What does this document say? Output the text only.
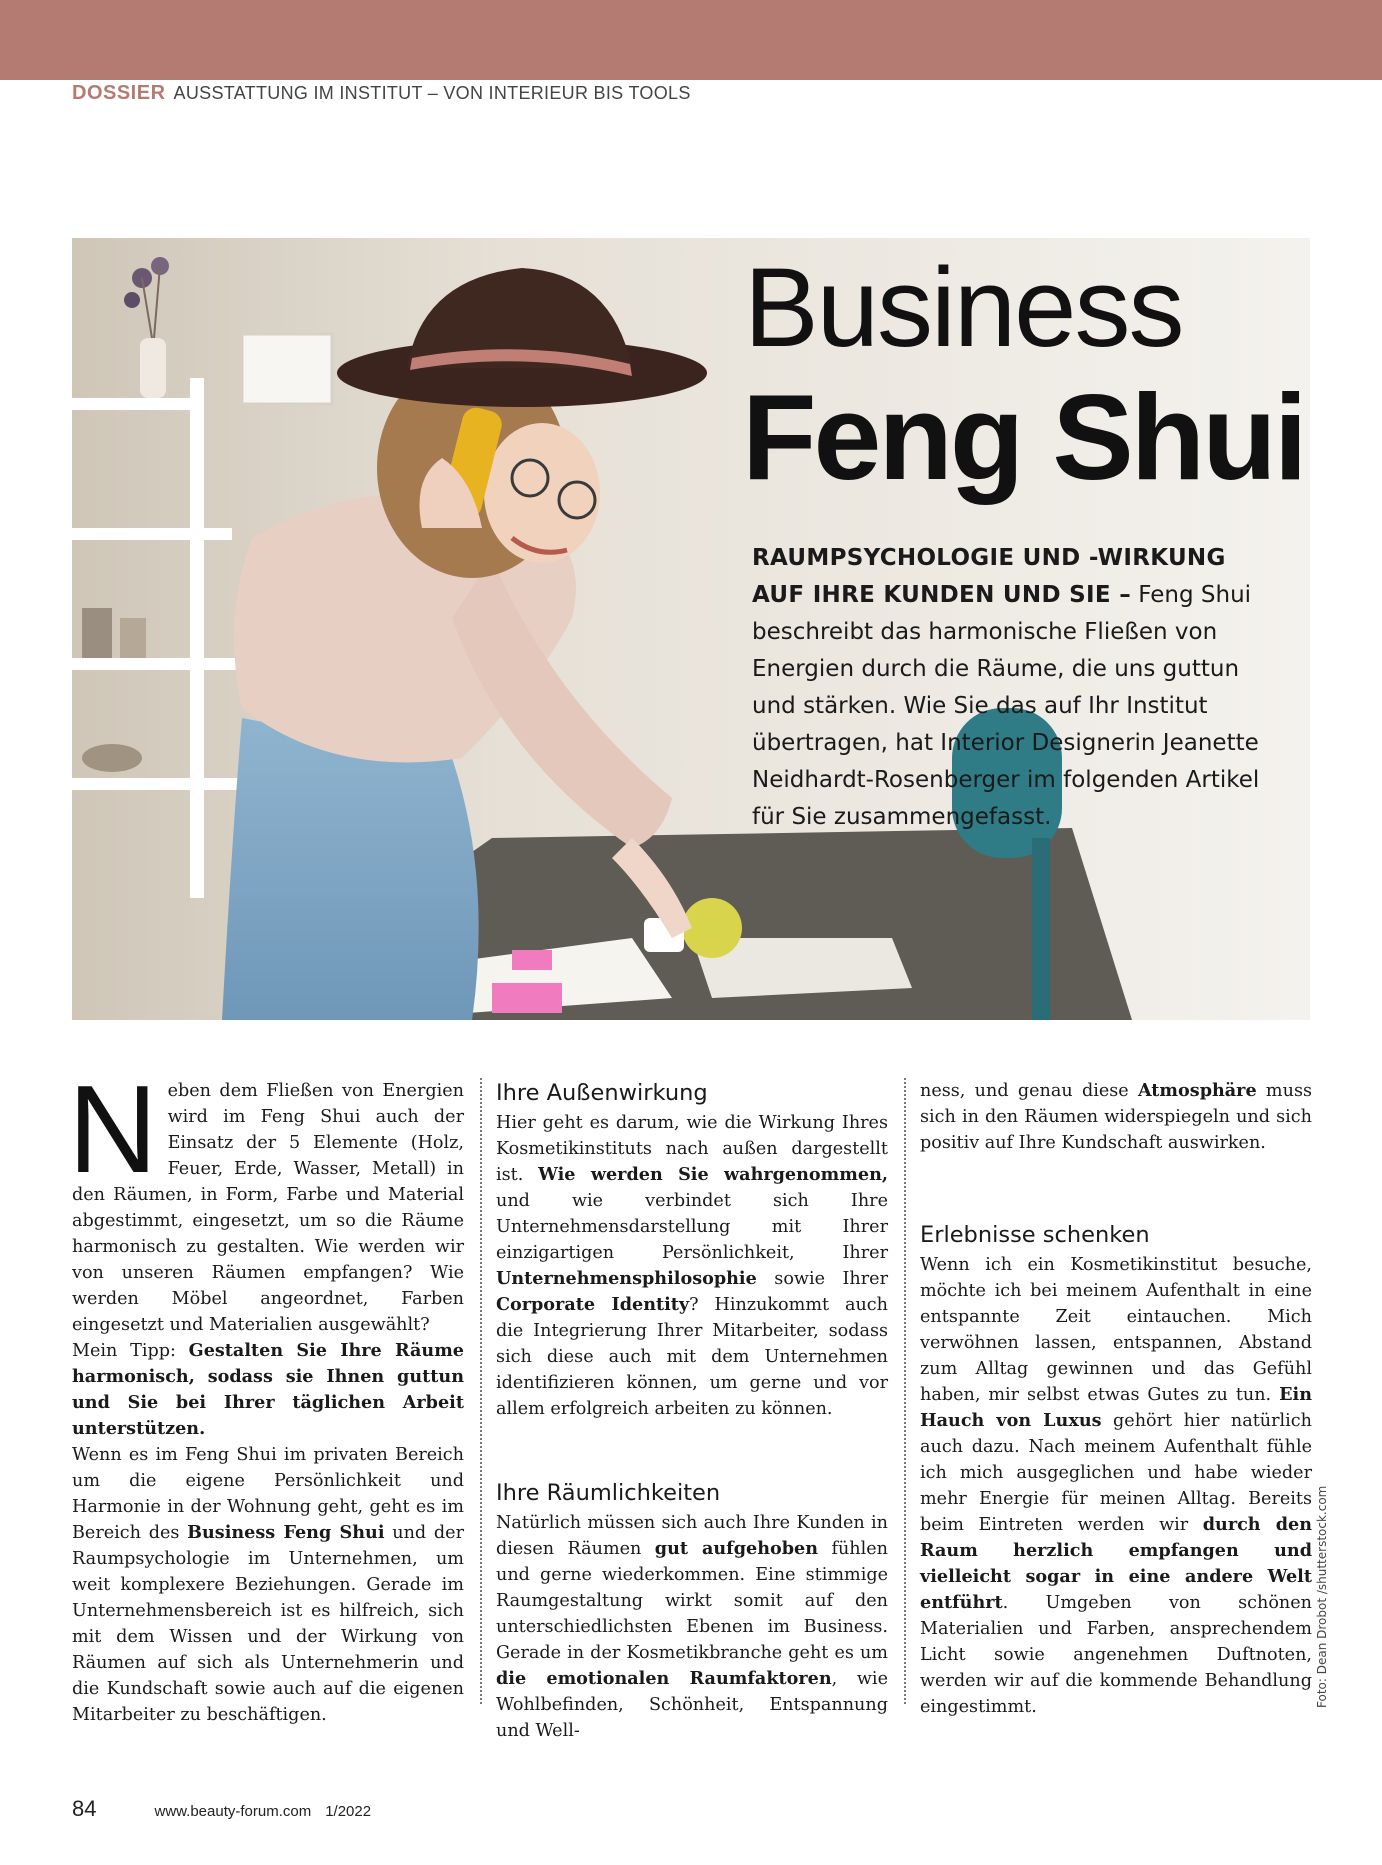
DOSSIER AUSSTATTUNG IM INSTITUT – VON INTERIEUR BIS TOOLS
Business
Feng Shui
RAUMPSYCHOLOGIE UND -WIRKUNG AUF IHRE KUNDEN UND SIE – Feng Shui beschreibt das harmonische Fließen von Energien durch die Räume, die uns guttun und stärken. Wie Sie das auf Ihr Institut übertragen, hat Interior Designerin Jeanette Neidhardt-Rosenberger im folgenden Artikel für Sie zusammengefasst.

Neben dem Fließen von Energien wird im Feng Shui auch der Einsatz der 5 Elemente (Holz, Feuer, Erde, Wasser, Metall) in den Räumen, in Form, Farbe und Material abgestimmt, eingesetzt, um so die Räume harmonisch zu gestalten. Wie werden wir von unseren Räumen empfangen? Wie werden Möbel angeordnet, Farben eingesetzt und Materialien ausgewählt?

Mein Tipp: Gestalten Sie Ihre Räume harmonisch, sodass sie Ihnen guttun und Sie bei Ihrer täglichen Arbeit unterstützen.

Wenn es im Feng Shui im privaten Bereich um die eigene Persönlichkeit und Harmonie in der Wohnung geht, geht es im Bereich des Business Feng Shui und der Raumpsychologie im Unternehmen, um weit komplexere Beziehungen. Gerade im Unternehmensbereich ist es hilfreich, sich mit dem Wissen und der Wirkung von Räumen auf sich als Unternehmerin und die Kundschaft sowie auch auf die eigenen Mitarbeiter zu beschäftigen.

Ihre Außenwirkung

Hier geht es darum, wie die Wirkung Ihres Kosmetikinstituts nach außen dargestellt ist. Wie werden Sie wahrgenommen, und wie verbindet sich Ihre Unternehmensdarstellung mit Ihrer einzigartigen Persönlichkeit, Ihrer Unternehmensphilosophie sowie Ihrer Corporate Identity? Hinzukommt auch die Integrierung Ihrer Mitarbeiter, sodass sich diese auch mit dem Unternehmen identifizieren können, um gerne und vor allem erfolgreich arbeiten zu können.

Ihre Räumlichkeiten

Natürlich müssen sich auch Ihre Kunden in diesen Räumen gut aufgehoben fühlen und gerne wiederkommen. Eine stimmige Raumgestaltung wirkt somit auf den unterschiedlichsten Ebenen im Business. Gerade in der Kosmetikbranche geht es um die emotionalen Raumfaktoren, wie Wohlbefinden, Schönheit, Entspannung und Well-

ness, und genau diese Atmosphäre muss sich in den Räumen widerspiegeln und sich positiv auf Ihre Kundschaft auswirken.

Erlebnisse schenken

Wenn ich ein Kosmetikinstitut besuche, möchte ich bei meinem Aufenthalt in eine entspannte Zeit eintauchen. Mich verwöhnen lassen, entspannen, Abstand zum Alltag gewinnen und das Gefühl haben, mir selbst etwas Gutes zu tun. Ein Hauch von Luxus gehört hier natürlich auch dazu. Nach meinem Aufenthalt fühle ich mich ausgeglichen und habe wieder mehr Energie für meinen Alltag. Bereits beim Eintreten werden wir durch den Raum herzlich empfangen und vielleicht sogar in eine andere Welt entführt. Umgeben von schönen Materialien und Farben, ansprechendem Licht sowie angenehmen Duftnoten, werden wir auf die kommende Behandlung eingestimmt.	Foto: Dean Drobot /shutterstock.com
84	www.beauty-forum.com 1/2022
